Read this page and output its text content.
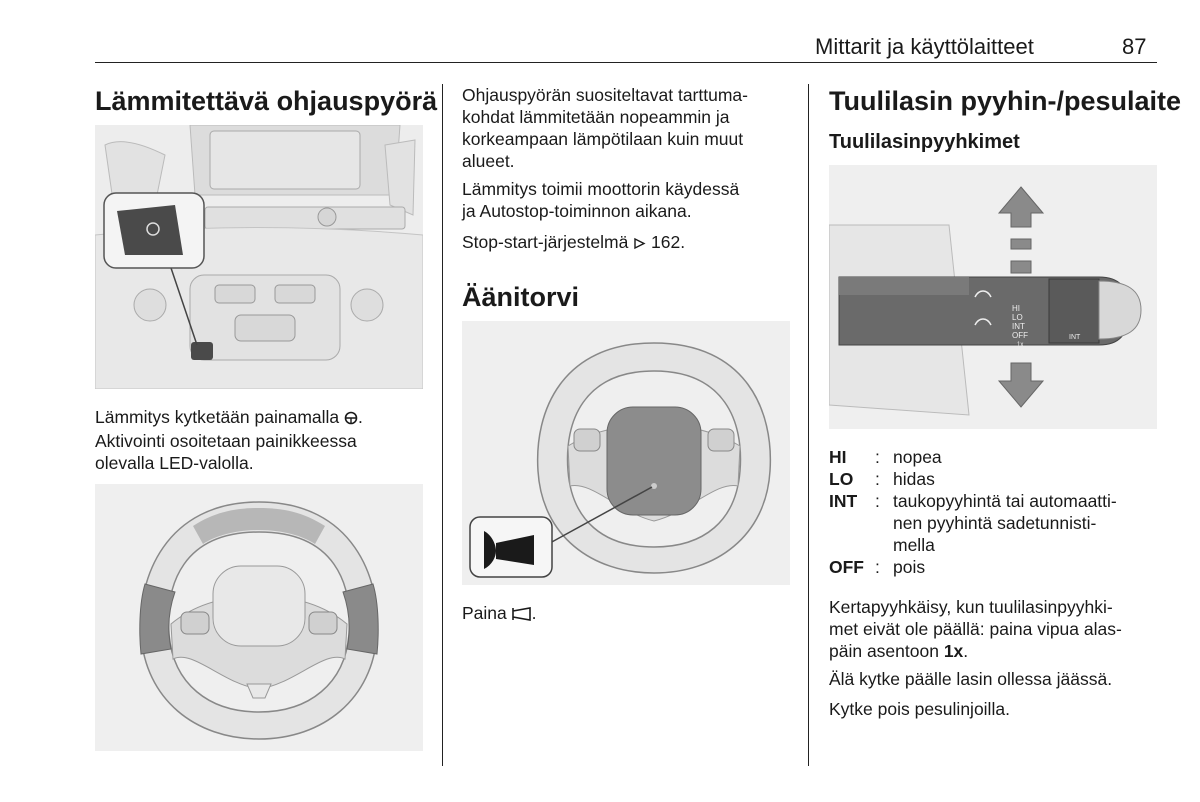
Mittarit ja käyttölaitteet	87
Lämmitettävä ohjauspyörä

Lämmitys kytketään painamalla .
Aktivointi osoitetaan painikkeessa
olevalla LED-valolla.

Ohjauspyörän suositeltavat tarttuma-
kohdat lämmitetään nopeammin ja
korkeampaan lämpötilaan kuin muut
alueet.

Lämmitys toimii moottorin käydessä
ja Autostop-toiminnon aikana.

Stop-start-järjestelmä  162.

Äänitorvi

Paina .

Tuulilasin pyyhin-/pesulaite
Tuulilasinpyyhkimet
HI
LO
INT
OFF
1x
INT
HI	:	nopea
LO	:	hidas
INT	:	taukopyyhintä tai automaatti-
nen pyyhintä sadetunnisti-
mella
OFF	:	pois

Kertapyyhkäisy, kun tuulilasinpyyhki-
met eivät ole päällä: paina vipua alas-
päin asentoon 1x.

Älä kytke päälle lasin ollessa jäässä.

Kytke pois pesulinjoilla.
